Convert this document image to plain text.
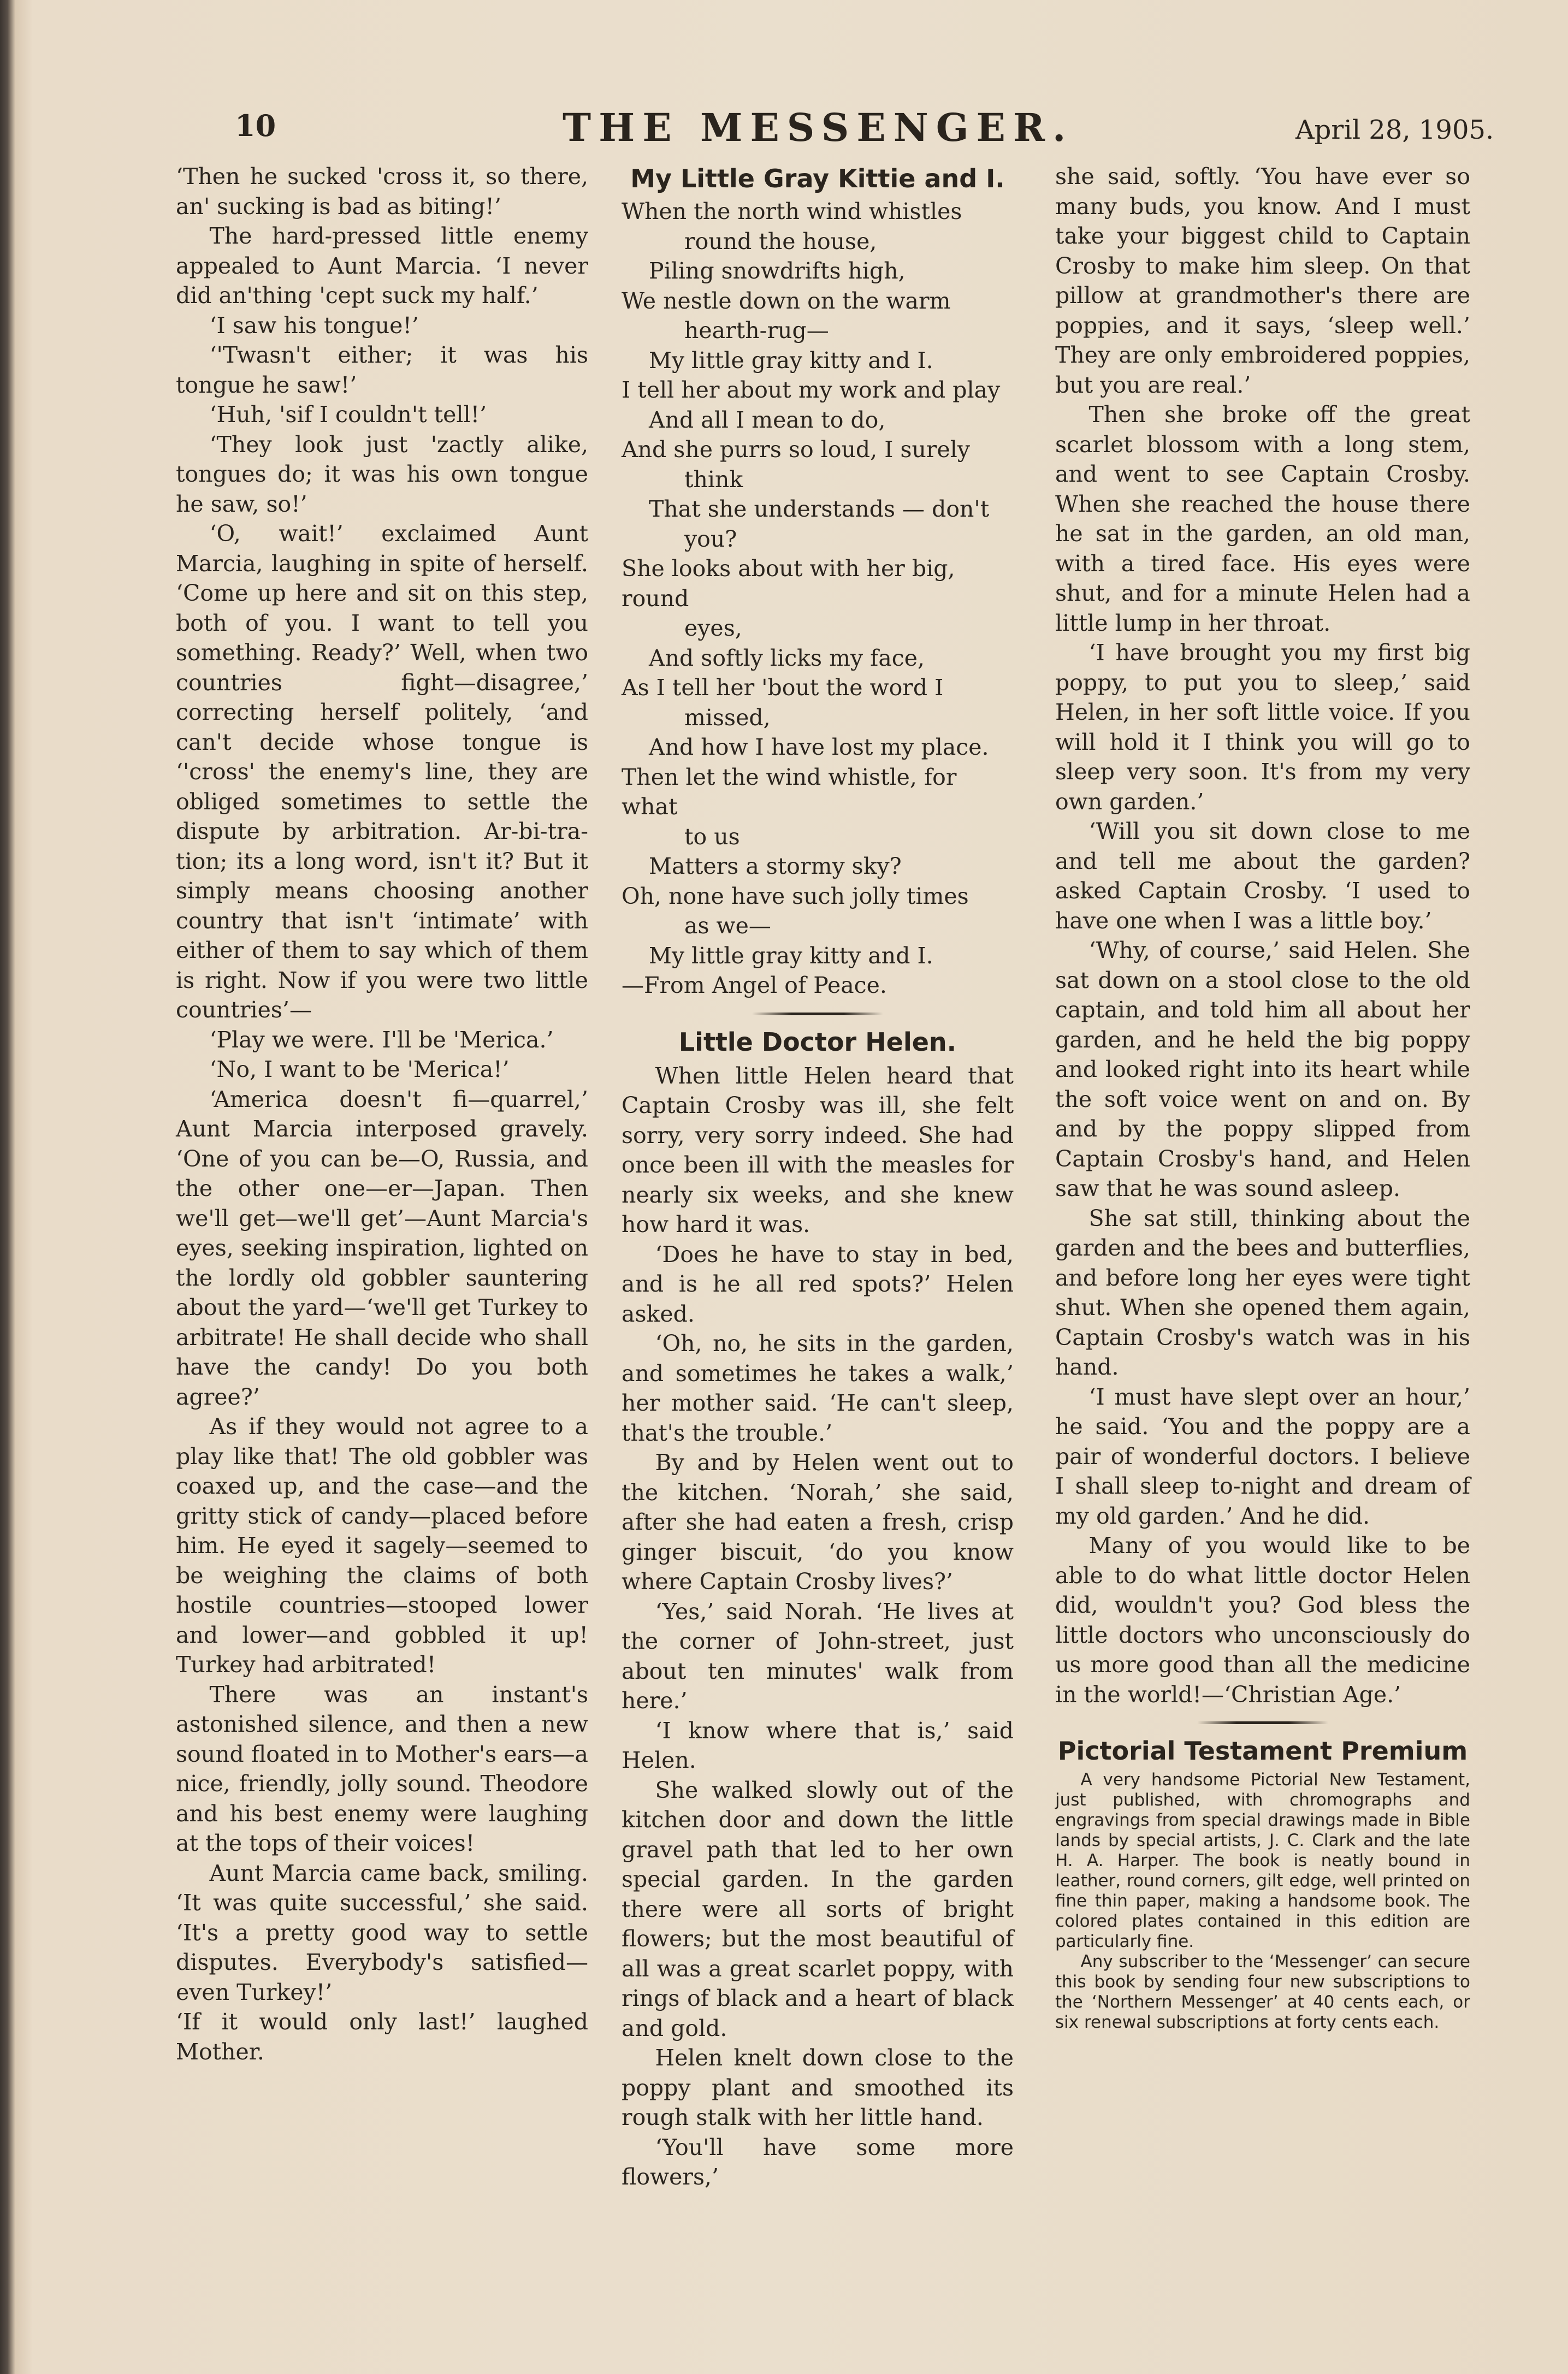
10	THE MESSENGER.	April 28, 1905.

‘Then he sucked 'cross it, so there, an' sucking is bad as biting!’

The hard-pressed little enemy appealed to Aunt Marcia. ‘I never did an'thing 'cept suck my half.’

‘I saw his tongue!’

‘'Twasn't either; it was his tongue he saw!’

‘Huh, 'sif I couldn't tell!’

‘They look just 'zactly alike, tongues do; it was his own tongue he saw, so!’

‘O, wait!’ exclaimed Aunt Marcia, laughing in spite of herself. ‘Come up here and sit on this step, both of you. I want to tell you something. Ready?’ Well, when two countries fight—disagree,’ correcting herself politely, ‘and can't decide whose tongue is ‘'cross' the enemy's line, they are obliged sometimes to settle the dispute by arbitration. Ar-bi-tra-tion; its a long word, isn't it? But it simply means choosing another country that isn't ‘intimate’ with either of them to say which of them is right. Now if you were two little countries’—

‘Play we were. I'll be 'Merica.’

‘No, I want to be 'Merica!’

‘America doesn't fi—quarrel,’ Aunt Marcia interposed gravely. ‘One of you can be—O, Russia, and the other one—er—Japan. Then we'll get—we'll get’—Aunt Marcia's eyes, seeking inspiration, lighted on the lordly old gobbler sauntering about the yard—‘we'll get Turkey to arbitrate! He shall decide who shall have the candy! Do you both agree?’

As if they would not agree to a play like that! The old gobbler was coaxed up, and the case—and the gritty stick of candy—placed before him. He eyed it sagely—seemed to be weighing the claims of both hostile countries—stooped lower and lower—and gobbled it up! Turkey had arbitrated!

There was an instant's astonished silence, and then a new sound floated in to Mother's ears—a nice, friendly, jolly sound. Theodore and his best enemy were laughing at the tops of their voices!

Aunt Marcia came back, smiling. ‘It was quite successful,’ she said. ‘It's a pretty good way to settle disputes. Everybody's satisfied—even Turkey!’

‘If it would only last!’ laughed Mother.

My Little Gray Kittie and I.

When the north wind whistles

round the house,

Piling snowdrifts high,

We nestle down on the warm

hearth-rug—

My little gray kitty and I.

I tell her about my work and play

And all I mean to do,

And she purrs so loud, I surely

think

That she understands — don't

you?

She looks about with her big, round

eyes,

And softly licks my face,

As I tell her 'bout the word I

missed,

And how I have lost my place.

Then let the wind whistle, for what

to us

Matters a stormy sky?

Oh, none have such jolly times

as we—

My little gray kitty and I.

—From Angel of Peace.

Little Doctor Helen.

When little Helen heard that Captain Crosby was ill, she felt sorry, very sorry indeed. She had once been ill with the measles for nearly six weeks, and she knew how hard it was.

‘Does he have to stay in bed, and is he all red spots?’ Helen asked.

‘Oh, no, he sits in the garden, and sometimes he takes a walk,’ her mother said. ‘He can't sleep, that's the trouble.’

By and by Helen went out to the kitchen. ‘Norah,’ she said, after she had eaten a fresh, crisp ginger biscuit, ‘do you know where Captain Crosby lives?’

‘Yes,’ said Norah. ‘He lives at the corner of John-street, just about ten minutes' walk from here.’

‘I know where that is,’ said Helen.

She walked slowly out of the kitchen door and down the little gravel path that led to her own special garden. In the garden there were all sorts of bright flowers; but the most beautiful of all was a great scarlet poppy, with rings of black and a heart of black and gold.

Helen knelt down close to the poppy plant and smoothed its rough stalk with her little hand.

‘You'll have some more flowers,’

she said, softly. ‘You have ever so many buds, you know. And I must take your biggest child to Captain Crosby to make him sleep. On that pillow at grandmother's there are poppies, and it says, ‘sleep well.’ They are only embroidered poppies, but you are real.’

Then she broke off the great scarlet blossom with a long stem, and went to see Captain Crosby. When she reached the house there he sat in the garden, an old man, with a tired face. His eyes were shut, and for a minute Helen had a little lump in her throat.

‘I have brought you my first big poppy, to put you to sleep,’ said Helen, in her soft little voice. If you will hold it I think you will go to sleep very soon. It's from my very own garden.’

‘Will you sit down close to me and tell me about the garden? asked Captain Crosby. ‘I used to have one when I was a little boy.’

‘Why, of course,’ said Helen. She sat down on a stool close to the old captain, and told him all about her garden, and he held the big poppy and looked right into its heart while the soft voice went on and on. By and by the poppy slipped from Captain Crosby's hand, and Helen saw that he was sound asleep.

She sat still, thinking about the garden and the bees and butterflies, and before long her eyes were tight shut. When she opened them again, Captain Crosby's watch was in his hand.

‘I must have slept over an hour,’ he said. ‘You and the poppy are a pair of wonderful doctors. I believe I shall sleep to-night and dream of my old garden.’ And he did.

Many of you would like to be able to do what little doctor Helen did, wouldn't you? God bless the little doctors who unconsciously do us more good than all the medicine in the world!—‘Christian Age.’

Pictorial Testament Premium

A very handsome Pictorial New Testament, just published, with chromographs and engravings from special drawings made in Bible lands by special artists, J. C. Clark and the late H. A. Harper. The book is neatly bound in leather, round corners, gilt edge, well printed on fine thin paper, making a handsome book. The colored plates contained in this edition are particularly fine.

Any subscriber to the ‘Messenger’ can secure this book by sending four new subscriptions to the ‘Northern Messenger’ at 40 cents each, or six renewal subscriptions at forty cents each.
